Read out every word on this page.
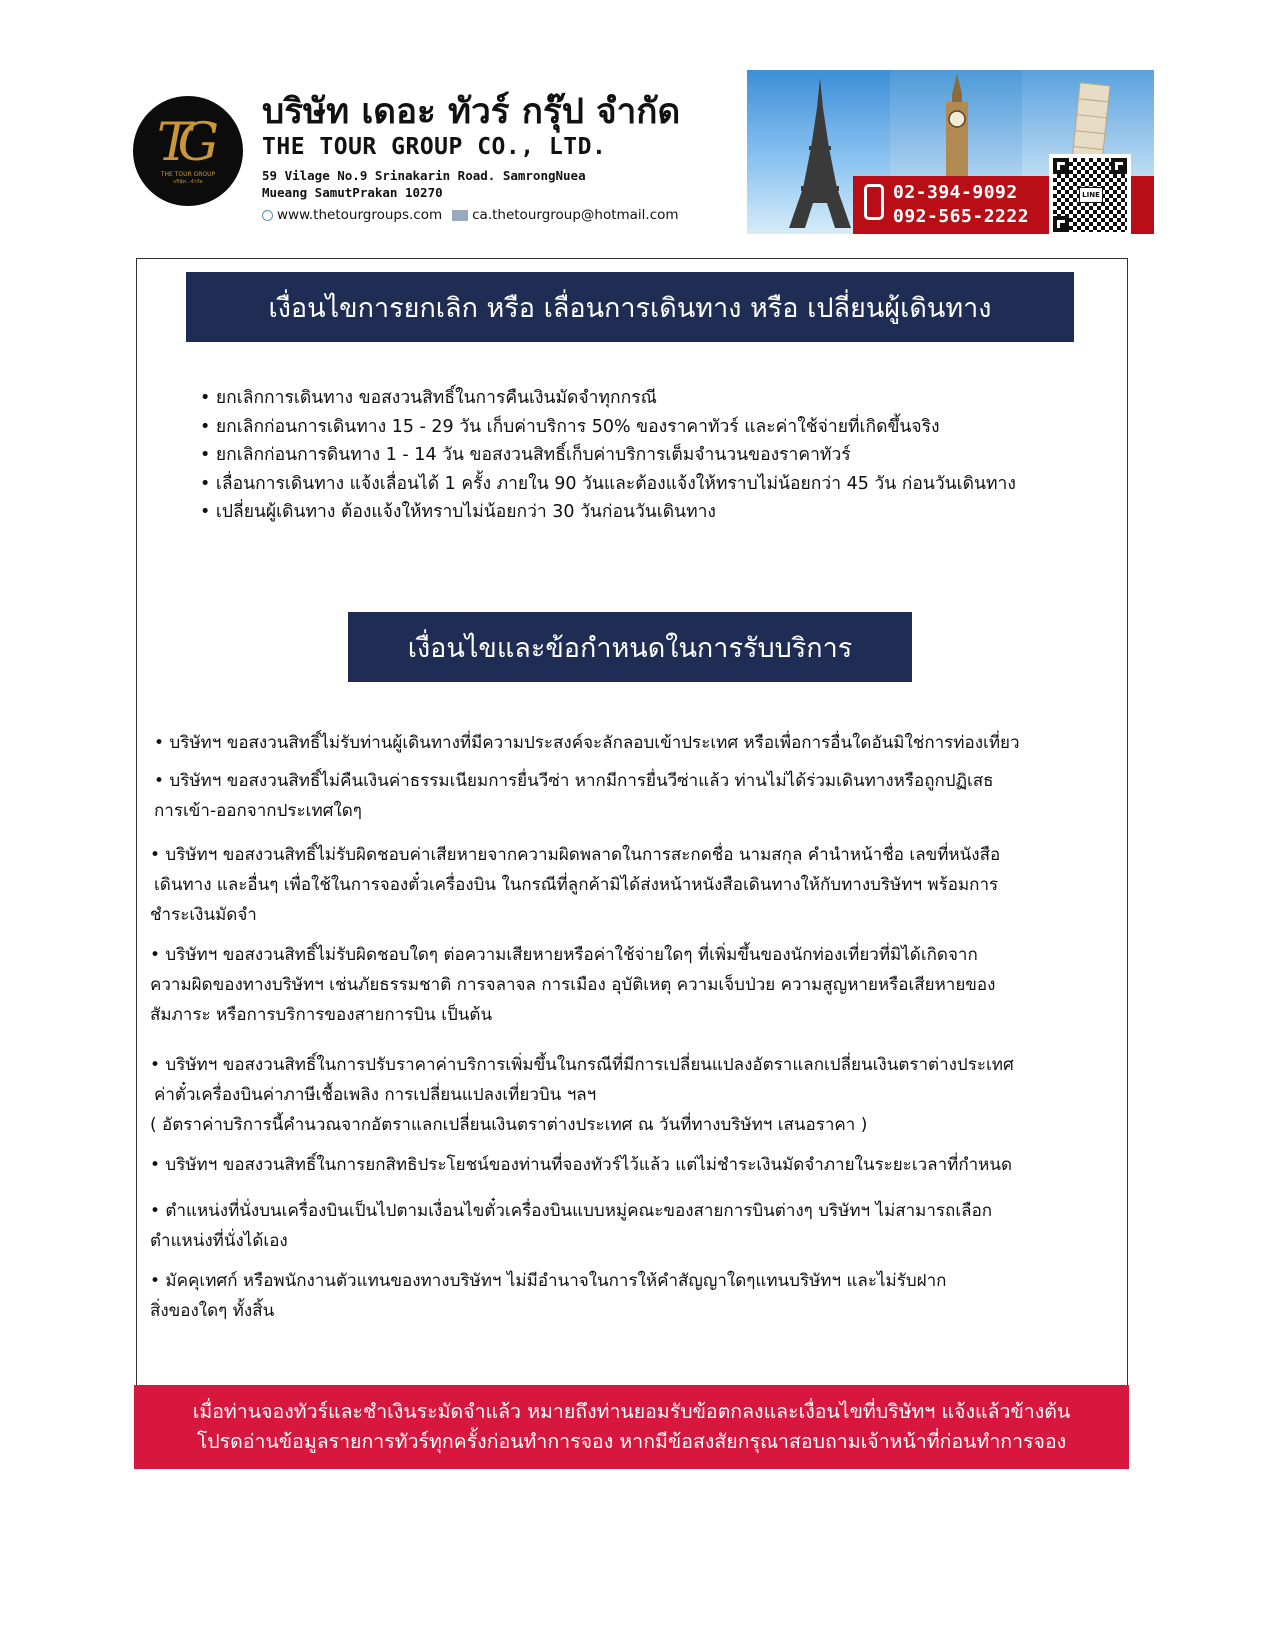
TG
THE TOUR GROUP
บริษัท...จำกัด
บริษัท เดอะ ทัวร์ กรุ๊ป จำกัด
THE TOUR GROUP CO., LTD.
59 Vilage No.9 Srinakarin Road. SamrongNuea
Mueang SamutPrakan 10270
www.thetourgroups.com ca.thetourgroup@hotmail.com
02-394-9092
092-565-2222
LINE
เงื่อนไขการยกเลิก หรือ เลื่อนการเดินทาง หรือ เปลี่ยนผู้เดินทาง
• ยกเลิกการเดินทาง ขอสงวนสิทธิ์ในการคืนเงินมัดจำทุกกรณี
• ยกเลิกก่อนการเดินทาง 15 - 29 วัน เก็บค่าบริการ 50% ของราคาทัวร์ และค่าใช้จ่ายที่เกิดขึ้นจริง
• ยกเลิกก่อนการดินทาง 1 - 14 วัน ขอสงวนสิทธิ์เก็บค่าบริการเต็มจำนวนของราคาทัวร์
• เลื่อนการเดินทาง แจ้งเลื่อนได้ 1 ครั้ง ภายใน 90 วันและต้องแจ้งให้ทราบไม่น้อยกว่า 45 วัน ก่อนวันเดินทาง
• เปลี่ยนผู้เดินทาง ต้องแจ้งให้ทราบไม่น้อยกว่า 30 วันก่อนวันเดินทาง
เงื่อนไขและข้อกำหนดในการรับบริการ
• บริษัทฯ ขอสงวนสิทธิ์ไม่รับท่านผู้เดินทางที่มีความประสงค์จะลักลอบเข้าประเทศ หรือเพื่อการอื่นใดอันมิใช่การท่องเที่ยว
• บริษัทฯ ขอสงวนสิทธิ์ไม่คืนเงินค่าธรรมเนียมการยื่นวีซ่า หากมีการยื่นวีซ่าแล้ว ท่านไม่ได้ร่วมเดินทางหรือถูกปฏิเสธ
การเข้า-ออกจากประเทศใดๆ
• บริษัทฯ ขอสงวนสิทธิ์ไม่รับผิดชอบค่าเสียหายจากความผิดพลาดในการสะกดชื่อ นามสกุล คำนำหน้าชื่อ เลขที่หนังสือ
เดินทาง และอื่นๆ เพื่อใช้ในการจองตั๋วเครื่องบิน ในกรณีที่ลูกค้ามิได้ส่งหน้าหนังสือเดินทางให้กับทางบริษัทฯ พร้อมการ
ชำระเงินมัดจำ
• บริษัทฯ ขอสงวนสิทธิ์ไม่รับผิดชอบใดๆ ต่อความเสียหายหรือค่าใช้จ่ายใดๆ ที่เพิ่มขึ้นของนักท่องเที่ยวที่มิได้เกิดจาก
ความผิดของทางบริษัทฯ เช่นภัยธรรมชาติ การจลาจล การเมือง อุบัติเหตุ ความเจ็บป่วย ความสูญหายหรือเสียหายของ
สัมภาระ หรือการบริการของสายการบิน เป็นต้น
• บริษัทฯ ขอสงวนสิทธิ์ในการปรับราคาค่าบริการเพิ่มขึ้นในกรณีที่มีการเปลี่ยนแปลงอัตราแลกเปลี่ยนเงินตราต่างประเทศ
ค่าตั๋วเครื่องบินค่าภาษีเชื้อเพลิง การเปลี่ยนแปลงเที่ยวบิน ฯลฯ
( อัตราค่าบริการนี้คำนวณจากอัตราแลกเปลี่ยนเงินตราต่างประเทศ ณ วันที่ทางบริษัทฯ เสนอราคา )
• บริษัทฯ ขอสงวนสิทธิ์ในการยกสิทธิประโยชน์ของท่านที่จองทัวร์ไว้แล้ว แต่ไม่ชำระเงินมัดจำภายในระยะเวลาที่กำหนด
• ตำแหน่งที่นั่งบนเครื่องบินเป็นไปตามเงื่อนไขตั๋วเครื่องบินแบบหมู่คณะของสายการบินต่างๆ บริษัทฯ ไม่สามารถเลือก
ตำแหน่งที่นั่งได้เอง
• มัคคุเทศก์ หรือพนักงานตัวแทนของทางบริษัทฯ ไม่มีอำนาจในการให้คำสัญญาใดๆแทนบริษัทฯ และไม่รับฝาก
สิ่งของใดๆ ทั้งสิ้น
เมื่อท่านจองทัวร์และชำเงินระมัดจำแล้ว หมายถึงท่านยอมรับข้อตกลงและเงื่อนไขที่บริษัทฯ แจ้งแล้วข้างต้น
โปรดอ่านข้อมูลรายการทัวร์ทุกครั้งก่อนทำการจอง หากมีข้อสงสัยกรุณาสอบถามเจ้าหน้าที่ก่อนทำการจอง
